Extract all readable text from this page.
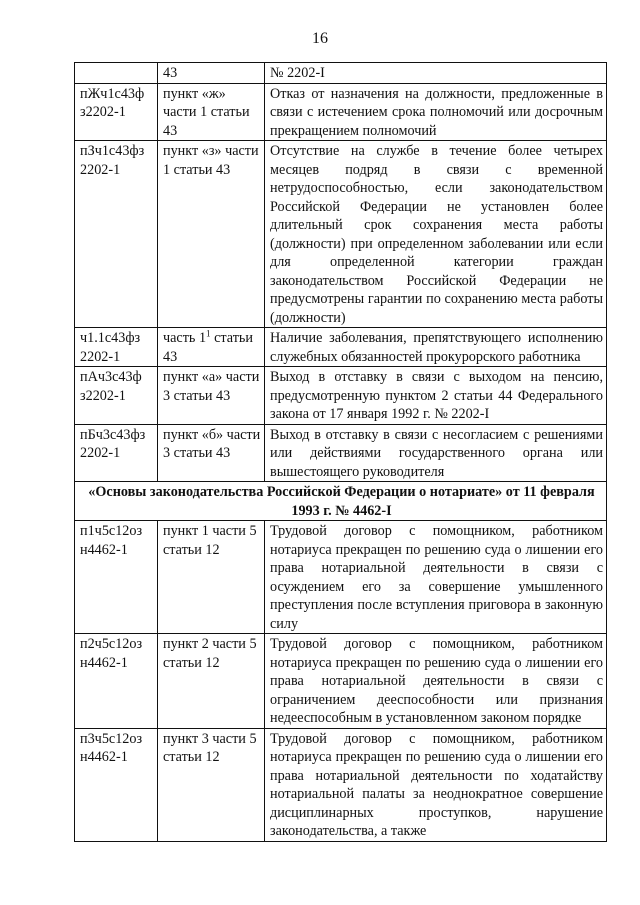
16
	43	№ 2202-I
пЖч1с43ф з2202-1	пункт «ж» части 1 статьи 43	Отказ от назначения на должности, предложенные в связи с истечением срока полномочий или досрочным прекращением полномочий
пЗч1с43фз 2202-1	пункт «з» части 1 статьи 43	Отсутствие на службе в течение более четырех месяцев подряд в связи с временной нетрудоспособностью, если законодательством Российской Федерации не установлен более длительный срок сохранения места работы (должности) при определенном заболевании или если для определенной категории граждан законодательством Российской Федерации не предусмотрены гарантии по сохранению места работы (должности)
ч1.1с43фз 2202-1	часть $1^1$ статьи 43	Наличие заболевания, препятствующего исполнению служебных обязанностей прокурорского работника
пАч3с43ф з2202-1	пункт «а» части 3 статьи 43	Выход в отставку в связи с выходом на пенсию, предусмотренную пунктом 2 статьи 44 Федерального закона от 17 января 1992 г. № 2202-I
пБч3с43фз 2202-1	пункт «б» части 3 статьи 43	Выход в отставку в связи с несогласием с решениями или действиями государственного органа или вышестоящего руководителя
«Основы законодательства Российской Федерации о нотариате» от 11 февраля 1993 г. № 4462-I		
п1ч5с12оз н4462-1	пункт 1 части 5 статьи 12	Трудовой договор с помощником, работником нотариуса прекращен по решению суда о лишении его права нотариальной деятельности в связи с осуждением его за совершение умышленного преступления после вступления приговора в законную силу
п2ч5с12оз н4462-1	пункт 2 части 5 статьи 12	Трудовой договор с помощником, работником нотариуса прекращен по решению суда о лишении его права нотариальной деятельности в связи с ограничением дееспособности или признания недееспособным в установленном законом порядке
п3ч5с12оз н4462-1	пункт 3 части 5 статьи 12	Трудовой договор с помощником, работником нотариуса прекращен по решению суда о лишении его права нотариальной деятельности по ходатайству нотариальной палаты за неоднократное совершение дисциплинарных проступков, нарушение законодательства, а также
